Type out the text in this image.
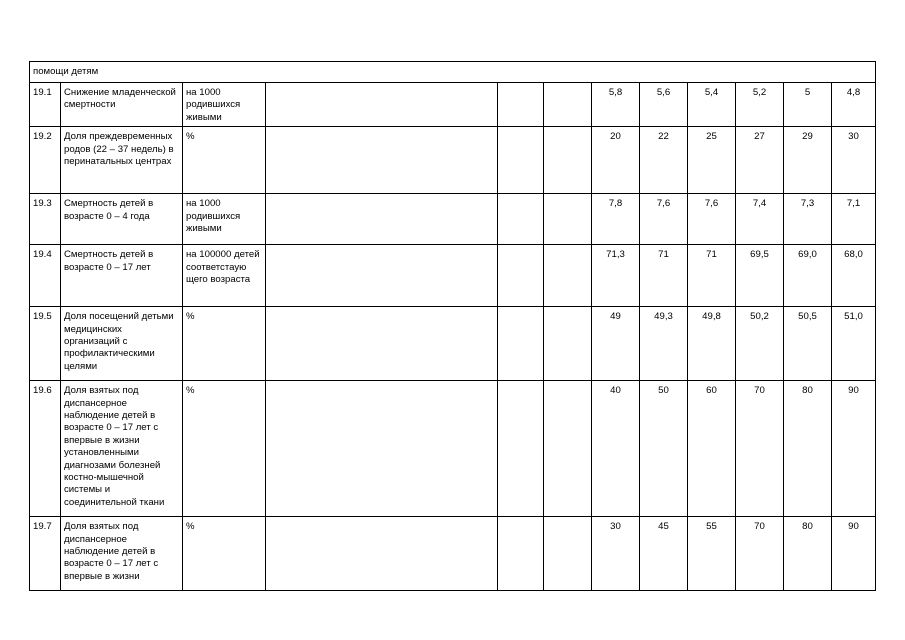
помощи детям											
19.1	Снижение младенческой смертности	на 1000 родившихся живыми				5,8	5,6	5,4	5,2	5	4,8
19.2	Доля преждевременных родов (22 – 37 недель) в перинатальных центрах	%				20	22	25	27	29	30
19.3	Смертность детей в возрасте 0 – 4 года	на 1000 родившихся живыми				7,8	7,6	7,6	7,4	7,3	7,1
19.4	Смертность детей в возрасте 0 – 17 лет	на 100000 детей соответстаую щего возраста				71,3	71	71	69,5	69,0	68,0
19.5	Доля посещений детьми медицинских организаций с профилактическими целями	%				49	49,3	49,8	50,2	50,5	51,0
19.6	Доля взятых под диспансерное наблюдение детей в возрасте 0 – 17 лет с впервые в жизни установленными диагнозами болезней костно-мышечной системы и соединительной ткани	%				40	50	60	70	80	90
19.7	Доля взятых под диспансерное наблюдение детей в возрасте 0 – 17 лет с впервые в жизни	%				30	45	55	70	80	90
